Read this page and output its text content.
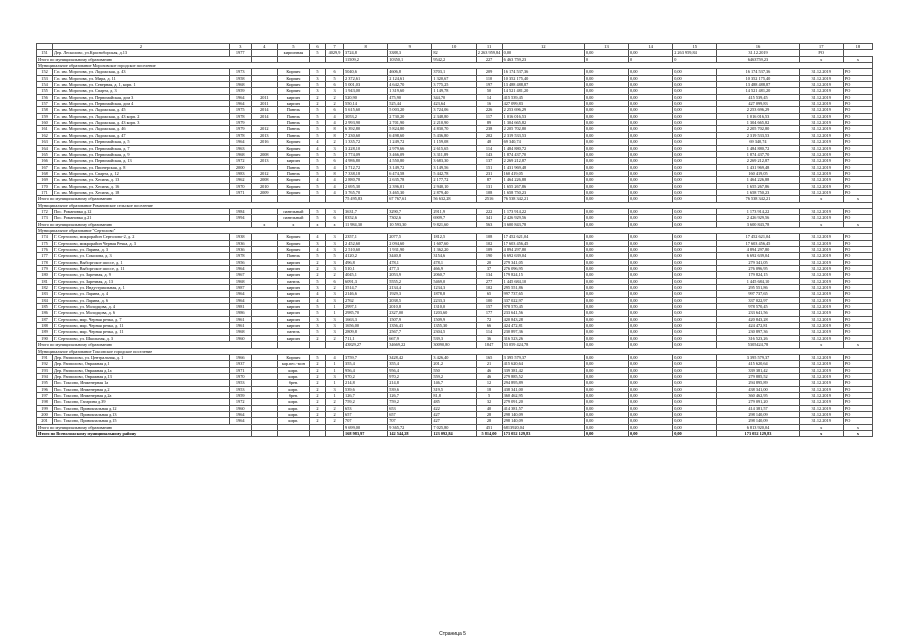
	2	3	4	5	6	7	8	9	10	11	12	13	14	15	16	17	18
151	Дер. Лесколово, ул.Красноборская, д.13	1977		кирпичная	5	4029,9	3724,8	3388,3	82	2 263 959,84	0,00	0,00	0,00	2 263 959,84	31.12.2019	РО	
Итого по муниципальному образованию							11509,2	10350,1	9542,2	227	6 463 759,23	0	0	0	6463759,23	х	х
Муниципальное образование Морозовское городское поселение																	
152	Г.п. им. Морозова, ул. Ладожская, д. 43	1973		Кирпич	5	6	5040,6	4606,8	3703,1	209	16 174 537,36	0,00	0,00	0,00	16 174 537,36	31.12.2019	РО
153	Г.п. им. Морозова, ул. Мира, д. 11	1958		Кирпич	3	5	2 372,61	2 124,61	1 320,67	110	10 352 175,40	0,00	0,00	0,00	10 352 175,40	31.12.2019	РО
154	Г.п. им. Морозова, ул. Северная, д. 1, корп. 1	1968		Кирпич	5	6	5 001,03	4 642,70	3 775,25	197	13 488 488,87	0,00	0,00	0,00	13 488 488,87	31.12.2019	РО
155	Г.п. им. Морозова, ул. Спарта, д. 3	1959		Кирпич	3	3	1 943,00	1 319,60	1 149,78	50	14 521 481,20	0,00	0,00	0,00	14 521 481,20	31.12.2019	РО
156	Г.п. им. Морозова, ул. Первомайская, дом 3	1964	2011	кирпич	2	2	520,90	475,90	344,70	14	415 539,45	0,00	0,00	0,00	415 539,45	31.12.2019	РО
157	Г.п. им. Морозова, ул. Первомайская, дом 4	1964	2011	кирпич	2	2	550,14	525,44	423,64	16	427 099,83	0,00	0,00	0,00	427 099,83	31.12.2019	РО
158	Г.п. им. Морозова, ул. Ладожская, д. 45	1975	2014	Панель	5	6	5 615,60	5 003,20	3 724,06	226	2 253 696,29	0,00	0,00	0,00	2 253 696,29	31.12.2019	РО
159	Г.п. им. Морозова, ул. Ладожская, д. 43 корп. 2	1978	2014	Панель	5	4	3053,2	2 730,20	2 348,80	117	1 016 016,53	0,00	0,00	0,00	1 016 016,53	31.12.2019	РО
160	Г.п. им. Морозова, ул. Ладожская, д. 43 корп. 3	1979		Панель	5	4	2 993,90	2 701,90	2 210,90	89	1 304 665,82	0,00	0,00	0,00	1 304 665,82	31.12.2019	РО
161	Г.п. им. Морозова, ул. Ладожская, д. 46	1979	2012	Панель	5	8	6 392,80	5 824,80	4 830,70	238	2 205 702,80	0,00	0,00	0,00	2 205 702,80	31.12.2019	РО
162	Г.п. им. Морозова, ул. Ладожская, д. 47	1978	2013	Панель	5	8	7 230,60	6 498,60	5 436,80	202	2 319 533,53	0,00	0,00	0,00	2 319 533,53	31.12.2019	РО
163	Г.п. им. Морозова, ул. Первомайская, д. 5	1964	2016	Кирпич	4	2	1 335,72	1 249,72	1 159,08	48	69 340,74	0,00	0,00	0,00	69 340,74	31.12.2019	РО
164	Г.п. им. Морозова, ул. Первомайская, д. 7	1963		Кирпич	4	3	3 228,10	2 979,66	2 615,65	114	1 484 880,72	0,00	0,00	0,00	1 484 880,72	31.12.2019	РО
165	Г.п. им. Морозова, ул. Первомайская, д. 9	1968	2008	Кирпич	5	5	3 774,09	3 466,09	3 311,89	143	1 874 437,70	0,00	0,00	0,00	1 874 437,70	31.12.2019	РО
166	Г.п. им. Морозова, ул. Первомайская, д. 13	1972	2013	кирпич	5	6	4 986,80	4 550,80	3 683,30	137	2 269 212,87	0,00	0,00	0,00	2 269 212,87	31.12.2019	РО
167	Г.п. им. Морозова, ул. Пионерская, д. 8	2000		Панель	5	4	3 712,72	3 149,72	3 149,56	151	1 431 969,48	0,00	0,00	0,00	1 431 969,48	31.12.2019	РО
168	Г.п. им. Морозова, ул. Спарта, д. 12	1983	2012	Панель	5	8	7 338,18	6 474,58	5 442,78	231	160 419,05	0,00	0,00	0,00	160 419,05	31.12.2019	РО
169	Г.п. им. Морозова, ул. Хесина, д. 13	1962	2008	Кирпич	4	4	2 880,78	2 635,78	2 177,72	87	1 464 226,88	0,00	0,00	0,00	1 464 226,88	31.12.2019	РО
170	Г.п. им. Морозова, ул. Хесина, д. 16	1970	2010	Кирпич	5	4	2 695,30	2 396,01	2 940,10	131	1 655 267,86	0,00	0,00	0,00	1 655 267,86	31.12.2019	РО
171	Г.п. им. Морозова, ул. Хесина, д. 18	1971	2009	Кирпич	5	4	3 765,70	3 465,30	2 879,40	108	1 658 750,23	0,00	0,00	0,00	1 658 750,23	31.12.2019	РО
Итого по муниципальному образованию							75 495,83	67 767,61	56 632,28	2516	76 538 342,21	0,00	0,00	0,00	76 538 342,21	х	х
Муниципальное образование Романовское сельское поселение																	
172	Пос. Романовка д.12	1984		панельный	5	3	3631,7	3290,7	2911,9	222	1 173 914,22	0,00	0,00	0,00	1 173 914,22	31.12.2019	РО
173	Пос. Романовка д.21	1994		панельный	5	6	8352,6	7302,6	6909,7	341	2 426 929,56	0,00	0,00	0,00	2 426 929,56	31.12.2019	РО
Итого по муниципальному образованию			х	х	х	х	11 984,30	10 593,30	9 821,60	563	3 600 843,78	0,00	0,00	0,00	3 600 843,78	х	х
Муниципальное образование "Сертолово"																	
174	Г. Сертолово, микрорайон Сертолово-2, д. 2	1938		Кирпич	4	3	2357,1	2077,5	1812,5	108	17 452 621,04	0,00	0,00	0,00	17 452 621,04	31.12.2019	РО
175	Г. Сертолово, микрорайон Черная Речка, д. 3	1936		Кирпич	3	3	2 452,60	2 094,60	1 607,60	102	17 603 456,45	0,00	0,00	0,00	17 603 456,45	31.12.2019	РО
176	Г. Сертолово, ул. Ларина, д. 3	1936		Кирпич	4	3	2 510,60	1 931,90	1 362,20	109	4 894 297,80	0,00	0,00	0,00	4 894 297,80	31.12.2019	РО
177	Г. Сертолово, ул. Соколова, д. 3	1978		Панель	5	5	4120,2	3440,8	3154,6	190	6 692 639,04	0,00	0,00	0,00	6 692 639,04	31.12.2019	РО
178	Г. Сертолово, Выборгское шоссе, д. 1	1956		кирпич	2	3	496,8	478,1	478,1	20	279 341,05	0,00	0,00	0,00	279 341,05	31.12.2019	РО
179	Г. Сертолово, Выборгское шоссе, д. 11	1964		кирпич	2	3	510,1	477,3	466,9	37	276 096,95	0,00	0,00	0,00	276 096,95	31.12.2019	РО
180	Г. Сертолово, ул. Заречная, д. 9	1967		кирпич	2	2	4045,1	2053,9	2060,7	134	179 824,15	0,00	0,00	0,00	179 824,15	31.12.2019	РО
181	Г. Сертолово, ул. Заречная, д. 13	1968		панель	5	6	6091,3	5555,2	5469,0	277	1 445 684,10	0,00	0,00	0,00	1 445 684,10	31.12.2019	РО
182	Г. Сертолово, ул. Индустриальная, д. 1	1987		кирпич	3	2	3514,7	2134,4	1234,3	102	295 551,86	0,00	0,00	0,00	295 551,86	31.12.2019	РО
183	Г. Сертолово, ул. Ларина, д. 4	1964		кирпич	4	3	2146,6	1929,3	1878,8	65	997 737,65	0,00	0,00	0,00	997 737,65	31.12.2019	РО
184	Г. Сертолово, ул. Ларина, д. 6	1964		кирпич	4	3	2762	2038,5	2233,3	100	337 022,97	0,00	0,00	0,00	337 022,97	31.12.2019	РО
185	Г. Сертолово, ул. Молодцова, д. 4	1981		кирпич	5	1	2997,1	2010,8	1310,0	157	978 570,45	0,00	0,00	0,00	978 570,45	31.12.2019	РО
186	Г. Сертолово, ул. Молодцова, д. 6	1986		кирпич	5	1	2985,70	2327,00	1203,60	177	233 641,56	0,00	0,00	0,00	233 641,56	31.12.2019	РО
187	Г. Сертолово, мкр. Черная речка, д. 7	1961		кирпич	3	3	1663,3	1507,9	1509,9	72	420 843,28	0,00	0,00	0,00	420 843,28	31.12.2019	РО
188	Г. Сертолово, мкр. Черная речка, д. 11	1961		кирпич	3	3	1656,00	1356,41	1355,30	66	424 472,81	0,00	0,00	0,00	424 472,81	31.12.2019	РО
189	Г. Сертолово, мкр. Черная речка, д. 11	1968		панель	5	3	2809,8	2567,7	2304,5	114	230 897,36	0,00	0,00	0,00	230 897,36	31.12.2019	РО
190	Г. Сертолово, ул. Школьная, д. 3	1960		кирпич	2	2	711,1	667,9	539,3	36	316 523,26	0,00	0,00	0,00	316 523,26	31.12.2019	РО
Итого по муниципальному образованию							43829,27	34669,22	30090,80	1847	53 059 424,78	0,00	0,00	0,00	5305424,78	х	х
Муниципальное образование Токсовское городское поселение																	
191	Дер. Рапполово, ул. Центральная, д. 1	1966		Кирпич	5	4	3759,7	3428,42	3 426,40	165	3 395 579,37	0,00	0,00	0,00	3 395 579,37	31.12.2019	РО
192	Дер. Рапполово, Овражная д.1	1937		кар.пес.-мон	2	1	355,4	355,4	201,2	21	415 620,64	0,00	0,00	0,00	415 620,64	31.12.2019	РО
193	Дер. Рапполово, Овражная д.1а	1971		кирп.	2	1	956,4	956,4	550	46	339 381,42	0,00	0,00	0,00	339 381,42	31.12.2019	РО
194	Дер. Рапполово, Овражная д.13	1970		кирп.	2	3	970,2	970,2	559,2	46	279 885,52	0,00	0,00	0,00	279 885,52	31.12.2019	РО
195	Пос. Токсово, Инженерная 1а	1953		брев.	2	1	214,8	214,8	146,7	12	294 895,89	0,00	0,00	0,00	294 895,89	31.12.2019	РО
196	Пос. Токсово, Инженерная д.2	1953		кирп.	2	3	539,6	539,6	319,5	18	438 341,00	0,00	0,00	0,00	438 341,00	31.12.2019	РО
197	Пос. Токсово, Инженерная д.2а	1959		брев.	2	1	126,7	126,7	81,8	5	360 462,95	0,00	0,00	0,00	360 462,95	31.12.2019	РО
198	Пос. Токсово, Гагарина д.39	1972		кирп.	2	2	759,2	759,2	485	32	279 091,20	0,00	0,00	0,00	279 091,20	31.12.2019	РО
199	Пос. Токсово, Привокзальная д.12	1960		кирп.	2	2	653	653	422	40	414 381,57	0,00	0,00	0,00	414 381,57	31.12.2019	РО
200	Пос. Токсово, Привокзальная д.13	1964		кирп.	2	2	657	657	427	28	298 140,09	0,00	0,00	0,00	298 140,09	31.12.2019	РО
201	Пос. Токсово, Привокзальная д.15	1964		кирп.	2	2	707	707	427	28	298 140,09	0,00	0,00	0,00	298 140,09	31.12.2019	РО
Итого по муниципальному образованию							9 699,00	9 365,72	7 025,80	451	6813920,04	0,00	0,00	0,00	6 813 920,04	х	х
Итого по Всеволожскому муниципальному району							168 983,97	142 544,28	123 092,84	5 814,00	173 052 129,83	0,00	0,00	0,00	173 052 129,83	х	х
Страница 5
